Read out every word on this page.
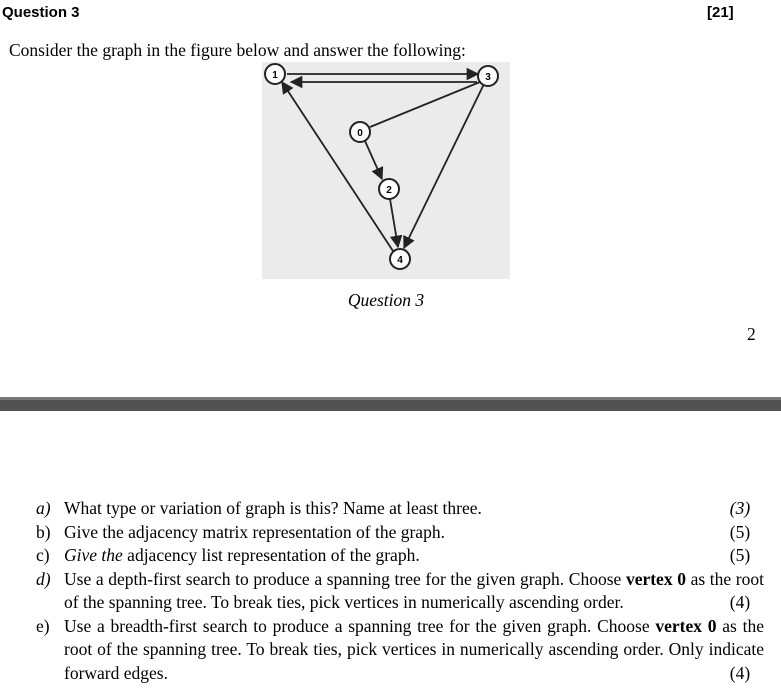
Question 3	[21]
Consider the graph in the figure below and answer the following:
1	3
0
2
4
Question 3
2
a) What type or variation of graph is this? Name at least three.	(3)
b) Give the adjacency matrix representation of the graph.	(5)
c) Give the adjacency list representation of the graph.	(5)
d) Use a depth-first search to produce a spanning tree for the given graph. Choose vertex 0 as the root of the spanning tree. To break ties, pick vertices in numerically ascending order.	(4)
e) Use a breadth-first search to produce a spanning tree for the given graph. Choose vertex 0 as the root of the spanning tree. To break ties, pick vertices in numerically ascending order. Only indicate forward edges.	(4)
